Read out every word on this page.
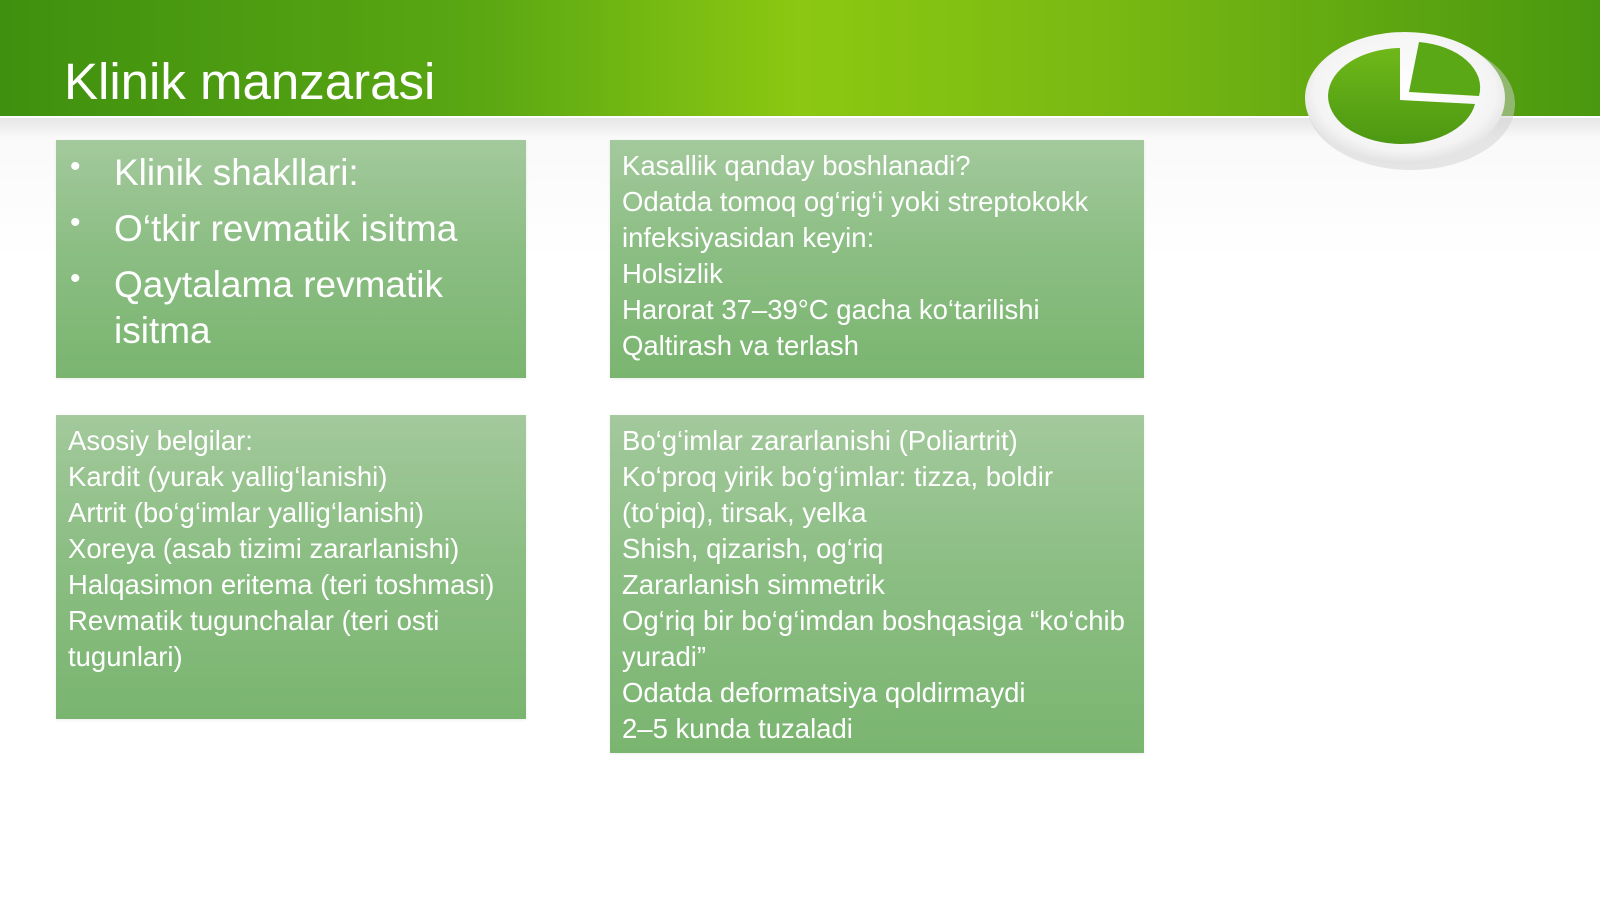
Klinik manzarasi
• Klinik shakllari:
• O‘tkir revmatik isitma
• Qaytalama revmatik isitma
Kasallik qanday boshlanadi?
Odatda tomoq og‘rig‘i yoki streptokokk infeksiyasidan keyin:
Holsizlik
Harorat 37–39°C gacha ko‘tarilishi
Qaltirash va terlash
Asosiy belgilar:
Kardit (yurak yallig‘lanishi)
Artrit (bo‘g‘imlar yallig‘lanishi)
Xoreya (asab tizimi zararlanishi)
Halqasimon eritema (teri toshmasi)
Revmatik tugunchalar (teri osti tugunlari)
Bo‘g‘imlar zararlanishi (Poliartrit)
Ko‘proq yirik bo‘g‘imlar: tizza, boldir (to‘piq), tirsak, yelka
Shish, qizarish, og‘riq
Zararlanish simmetrik
Og‘riq bir bo‘g‘imdan boshqasiga “ko‘chib yuradi”
Odatda deformatsiya qoldirmaydi
2–5 kunda tuzaladi
